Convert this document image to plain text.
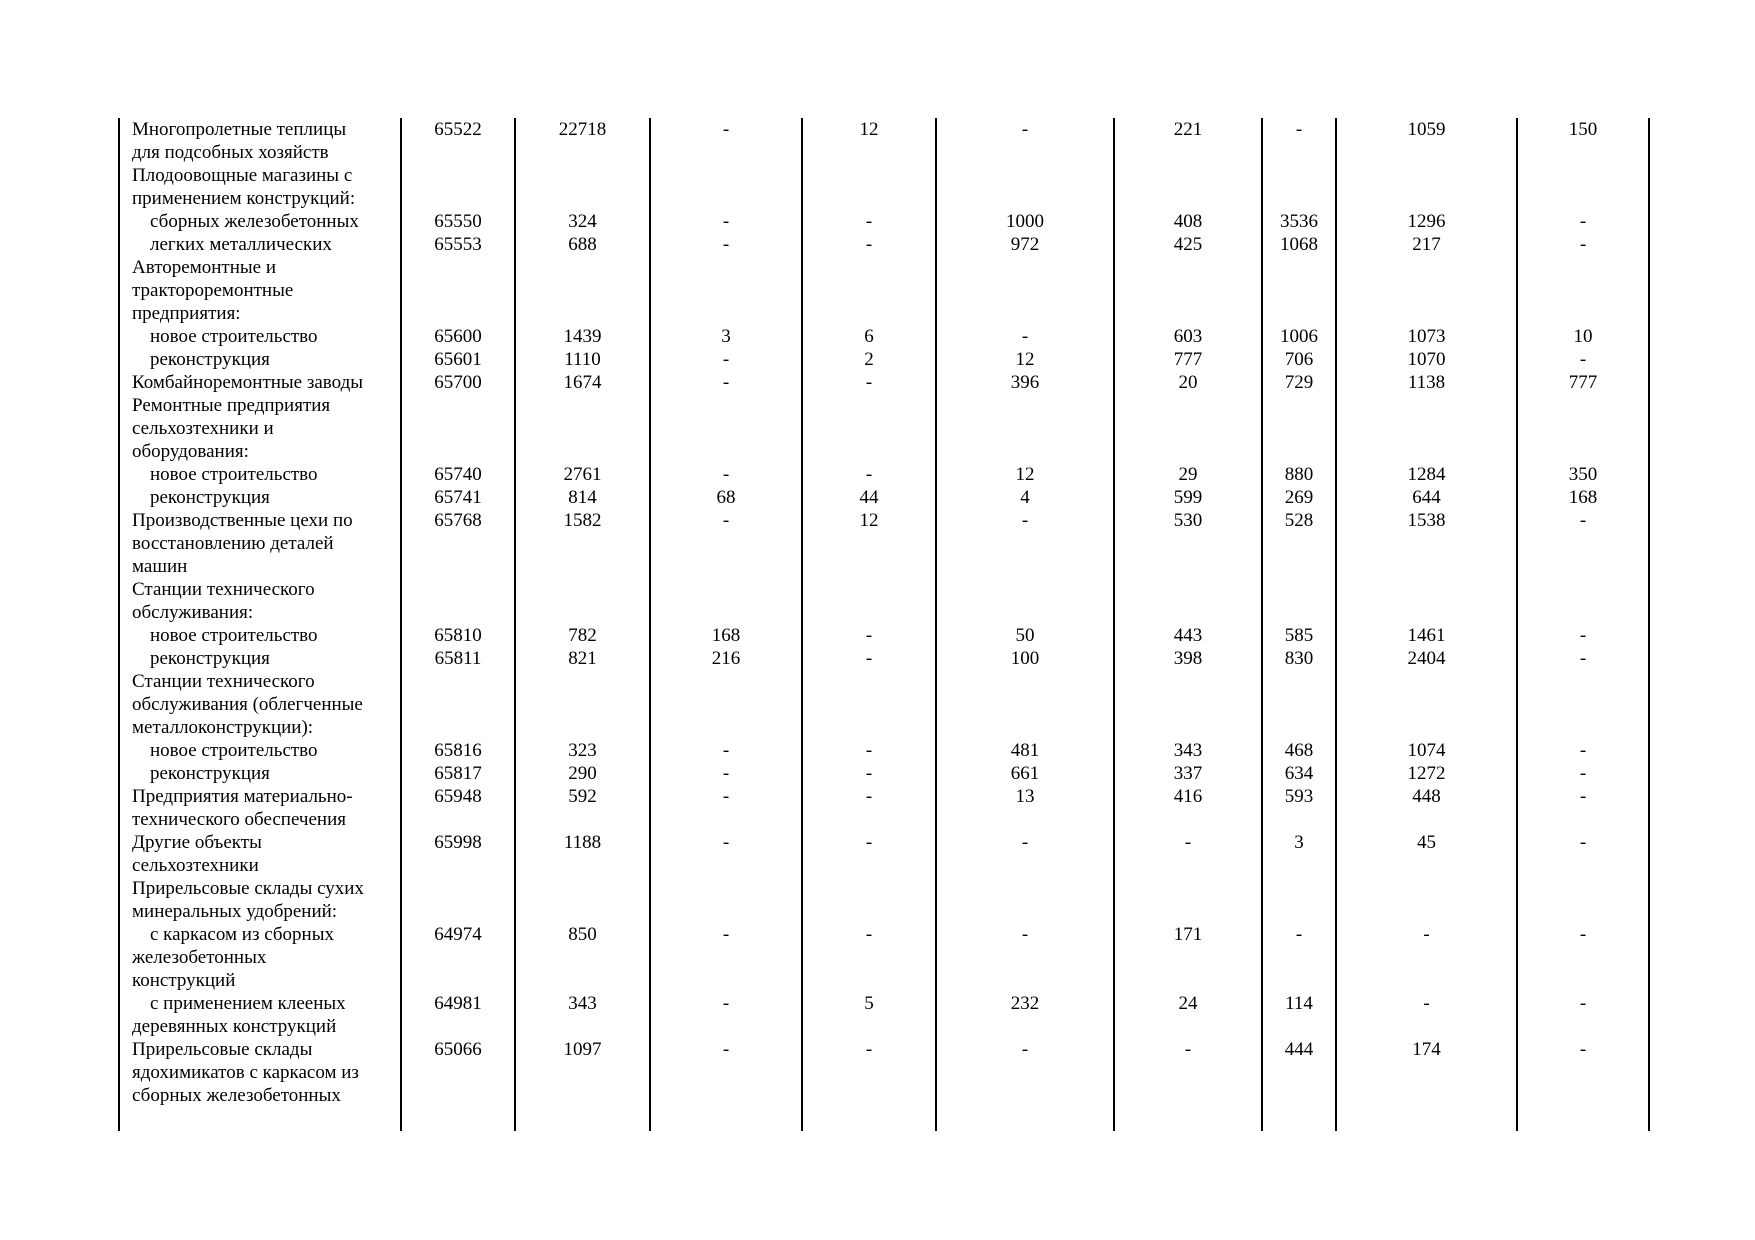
Многопролетные теплицы
для подсобных хозяйств	65522	22718	-	12	-	221	-	1059	150

Плодоовощные магазины с
применением конструкций:									

сборных железобетонных	65550	324	-	-	1000	408	3536	1296	-

легких металлических	65553	688	-	-	972	425	1068	217	-

Авторемонтные и
тракторoремонтные
предприятия:									

новое строительство	65600	1439	3	6	-	603	1006	1073	10

реконструкция	65601	1110	-	2	12	777	706	1070	-

Комбайноремонтные заводы	65700	1674	-	-	396	20	729	1138	777

Ремонтные предприятия
сельхозтехники и
оборудования:									

новое строительство	65740	2761	-	-	12	29	880	1284	350

реконструкция	65741	814	68	44	4	599	269	644	168

Производственные цехи по
восстановлению деталей
машин	65768	1582	-	12	-	530	528	1538	-

Станции технического
обслуживания:									

новое строительство	65810	782	168	-	50	443	585	1461	-

реконструкция	65811	821	216	-	100	398	830	2404	-

Станции технического
обслуживания (облегченные
металлоконструкции):									

новое строительство	65816	323	-	-	481	343	468	1074	-

реконструкция	65817	290	-	-	661	337	634	1272	-

Предприятия материально-
технического обеспечения	65948	592	-	-	13	416	593	448	-

Другие объекты
сельхозтехники	65998	1188	-	-	-	-	3	45	-

Прирельсовые склады сухих
минеральных удобрений:									

с каркасом из сборных
железобетонных
конструкций	64974	850	-	-	-	171	-	-	-

с применением клееных
деревянных конструкций	64981	343	-	5	232	24	114	-	-

Прирельсовые склады
ядохимикатов с каркасом из
сборных железобетонных	65066	1097	-	-	-	-	444	174	-
